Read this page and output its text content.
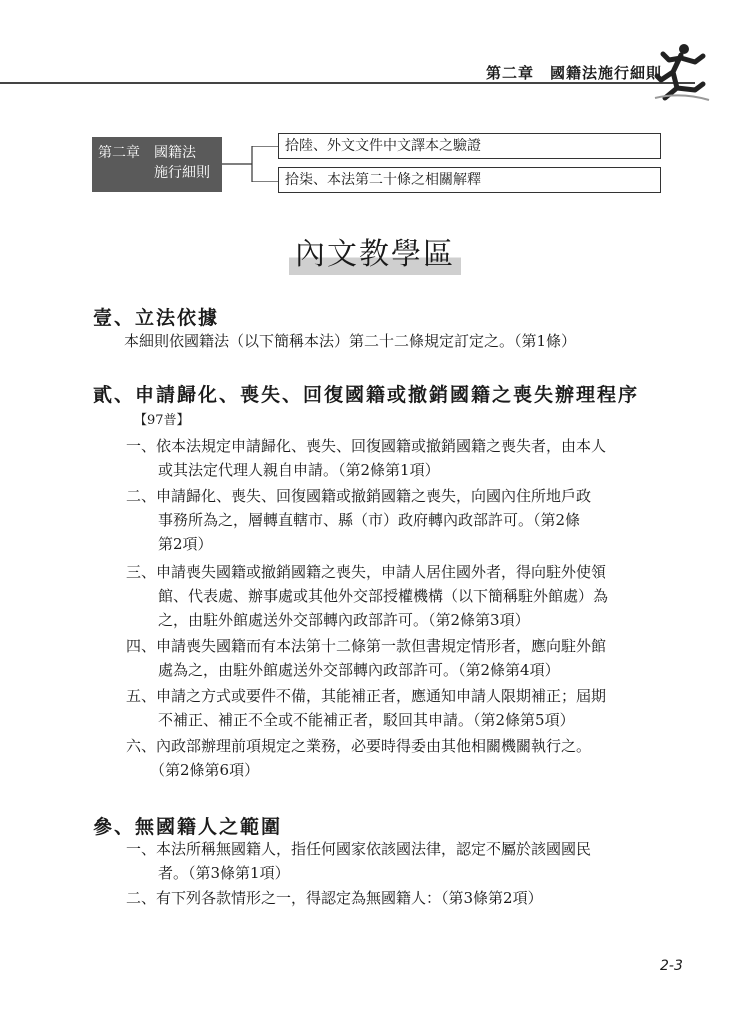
第二章 國籍法施行細則
第二章　國籍法
施行細則
拾陸、外文文件中文譯本之驗證
拾柒、本法第二十條之相關解釋
內文教學區
壹、立法依據
本細則依國籍法（以下簡稱本法）第二十二條規定訂定之。（第1條）
貳、申請歸化、喪失、回復國籍或撤銷國籍之喪失辦理程序
【97普】
一、依本法規定申請歸化、喪失、回復國籍或撤銷國籍之喪失者，由本人
或其法定代理人親自申請。（第2條第1項）
二、申請歸化、喪失、回復國籍或撤銷國籍之喪失，向國內住所地戶政
事務所為之，層轉直轄市、縣（市）政府轉內政部許可。（第2條
第2項）
三、申請喪失國籍或撤銷國籍之喪失，申請人居住國外者，得向駐外使領
館、代表處、辦事處或其他外交部授權機構（以下簡稱駐外館處）為
之，由駐外館處送外交部轉內政部許可。（第2條第3項）
四、申請喪失國籍而有本法第十二條第一款但書規定情形者，應向駐外館
處為之，由駐外館處送外交部轉內政部許可。（第2條第4項）
五、申請之方式或要件不備，其能補正者，應通知申請人限期補正；屆期
不補正、補正不全或不能補正者，駁回其申請。（第2條第5項）
六、內政部辦理前項規定之業務，必要時得委由其他相關機關執行之。
（第2條第6項）
參、無國籍人之範圍
一、本法所稱無國籍人，指任何國家依該國法律，認定不屬於該國國民
者。（第3條第1項）
二、有下列各款情形之一，得認定為無國籍人：（第3條第2項）
2-3
